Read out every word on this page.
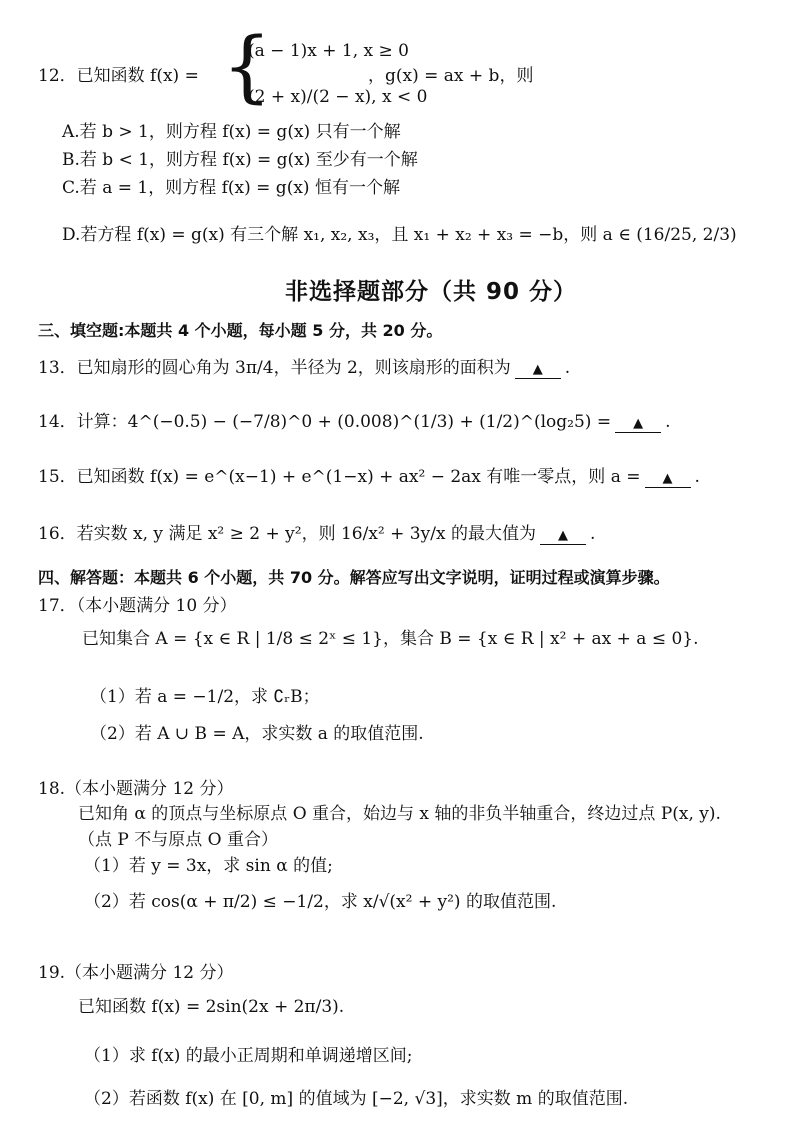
12．已知函数 f(x) = {
(a − 1)x + 1, x ≥ 0
(2 + x)/(2 − x), x < 0
，g(x) = ax + b，则
A.若 b > 1，则方程 f(x) = g(x) 只有一个解
B.若 b < 1，则方程 f(x) = g(x) 至少有一个解
C.若 a = 1，则方程 f(x) = g(x) 恒有一个解
D.若方程 f(x) = g(x) 有三个解 x₁, x₂, x₃，且 x₁ + x₂ + x₃ = −b，则 a ∈ (16/25, 2/3)
非选择题部分（共 90 分）
三、填空题:本题共 4 个小题，每小题 5 分，共 20 分。
13．已知扇形的圆心角为 3π/4，半径为 2，则该扇形的面积为 ▲ .
14．计算：4^(−0.5) − (−7/8)^0 + (0.008)^(1/3) + (1/2)^(log₂5) = ▲ .
15．已知函数 f(x) = e^(x−1) + e^(1−x) + ax² − 2ax 有唯一零点，则 a = ▲ .
16．若实数 x, y 满足 x² ≥ 2 + y²，则 16/x² + 3y/x 的最大值为 ▲ .
四、解答题：本题共 6 个小题，共 70 分。解答应写出文字说明，证明过程或演算步骤。
17．（本小题满分 10 分）
已知集合 A = {x ∈ R | 1/8 ≤ 2ˣ ≤ 1}，集合 B = {x ∈ R | x² + ax + a ≤ 0}.
（1）若 a = −1/2，求 ∁ᵣB；
（2）若 A ∪ B = A，求实数 a 的取值范围.
18.（本小题满分 12 分）
已知角 α 的顶点与坐标原点 O 重合，始边与 x 轴的非负半轴重合，终边过点 P(x, y).
（点 P 不与原点 O 重合）
（1）若 y = 3x，求 sin α 的值;
（2）若 cos(α + π/2) ≤ −1/2，求 x/√(x² + y²) 的取值范围.
19.（本小题满分 12 分）
已知函数 f(x) = 2sin(2x + 2π/3).
（1）求 f(x) 的最小正周期和单调递增区间;
（2）若函数 f(x) 在 [0, m] 的值域为 [−2, √3]，求实数 m 的取值范围.
